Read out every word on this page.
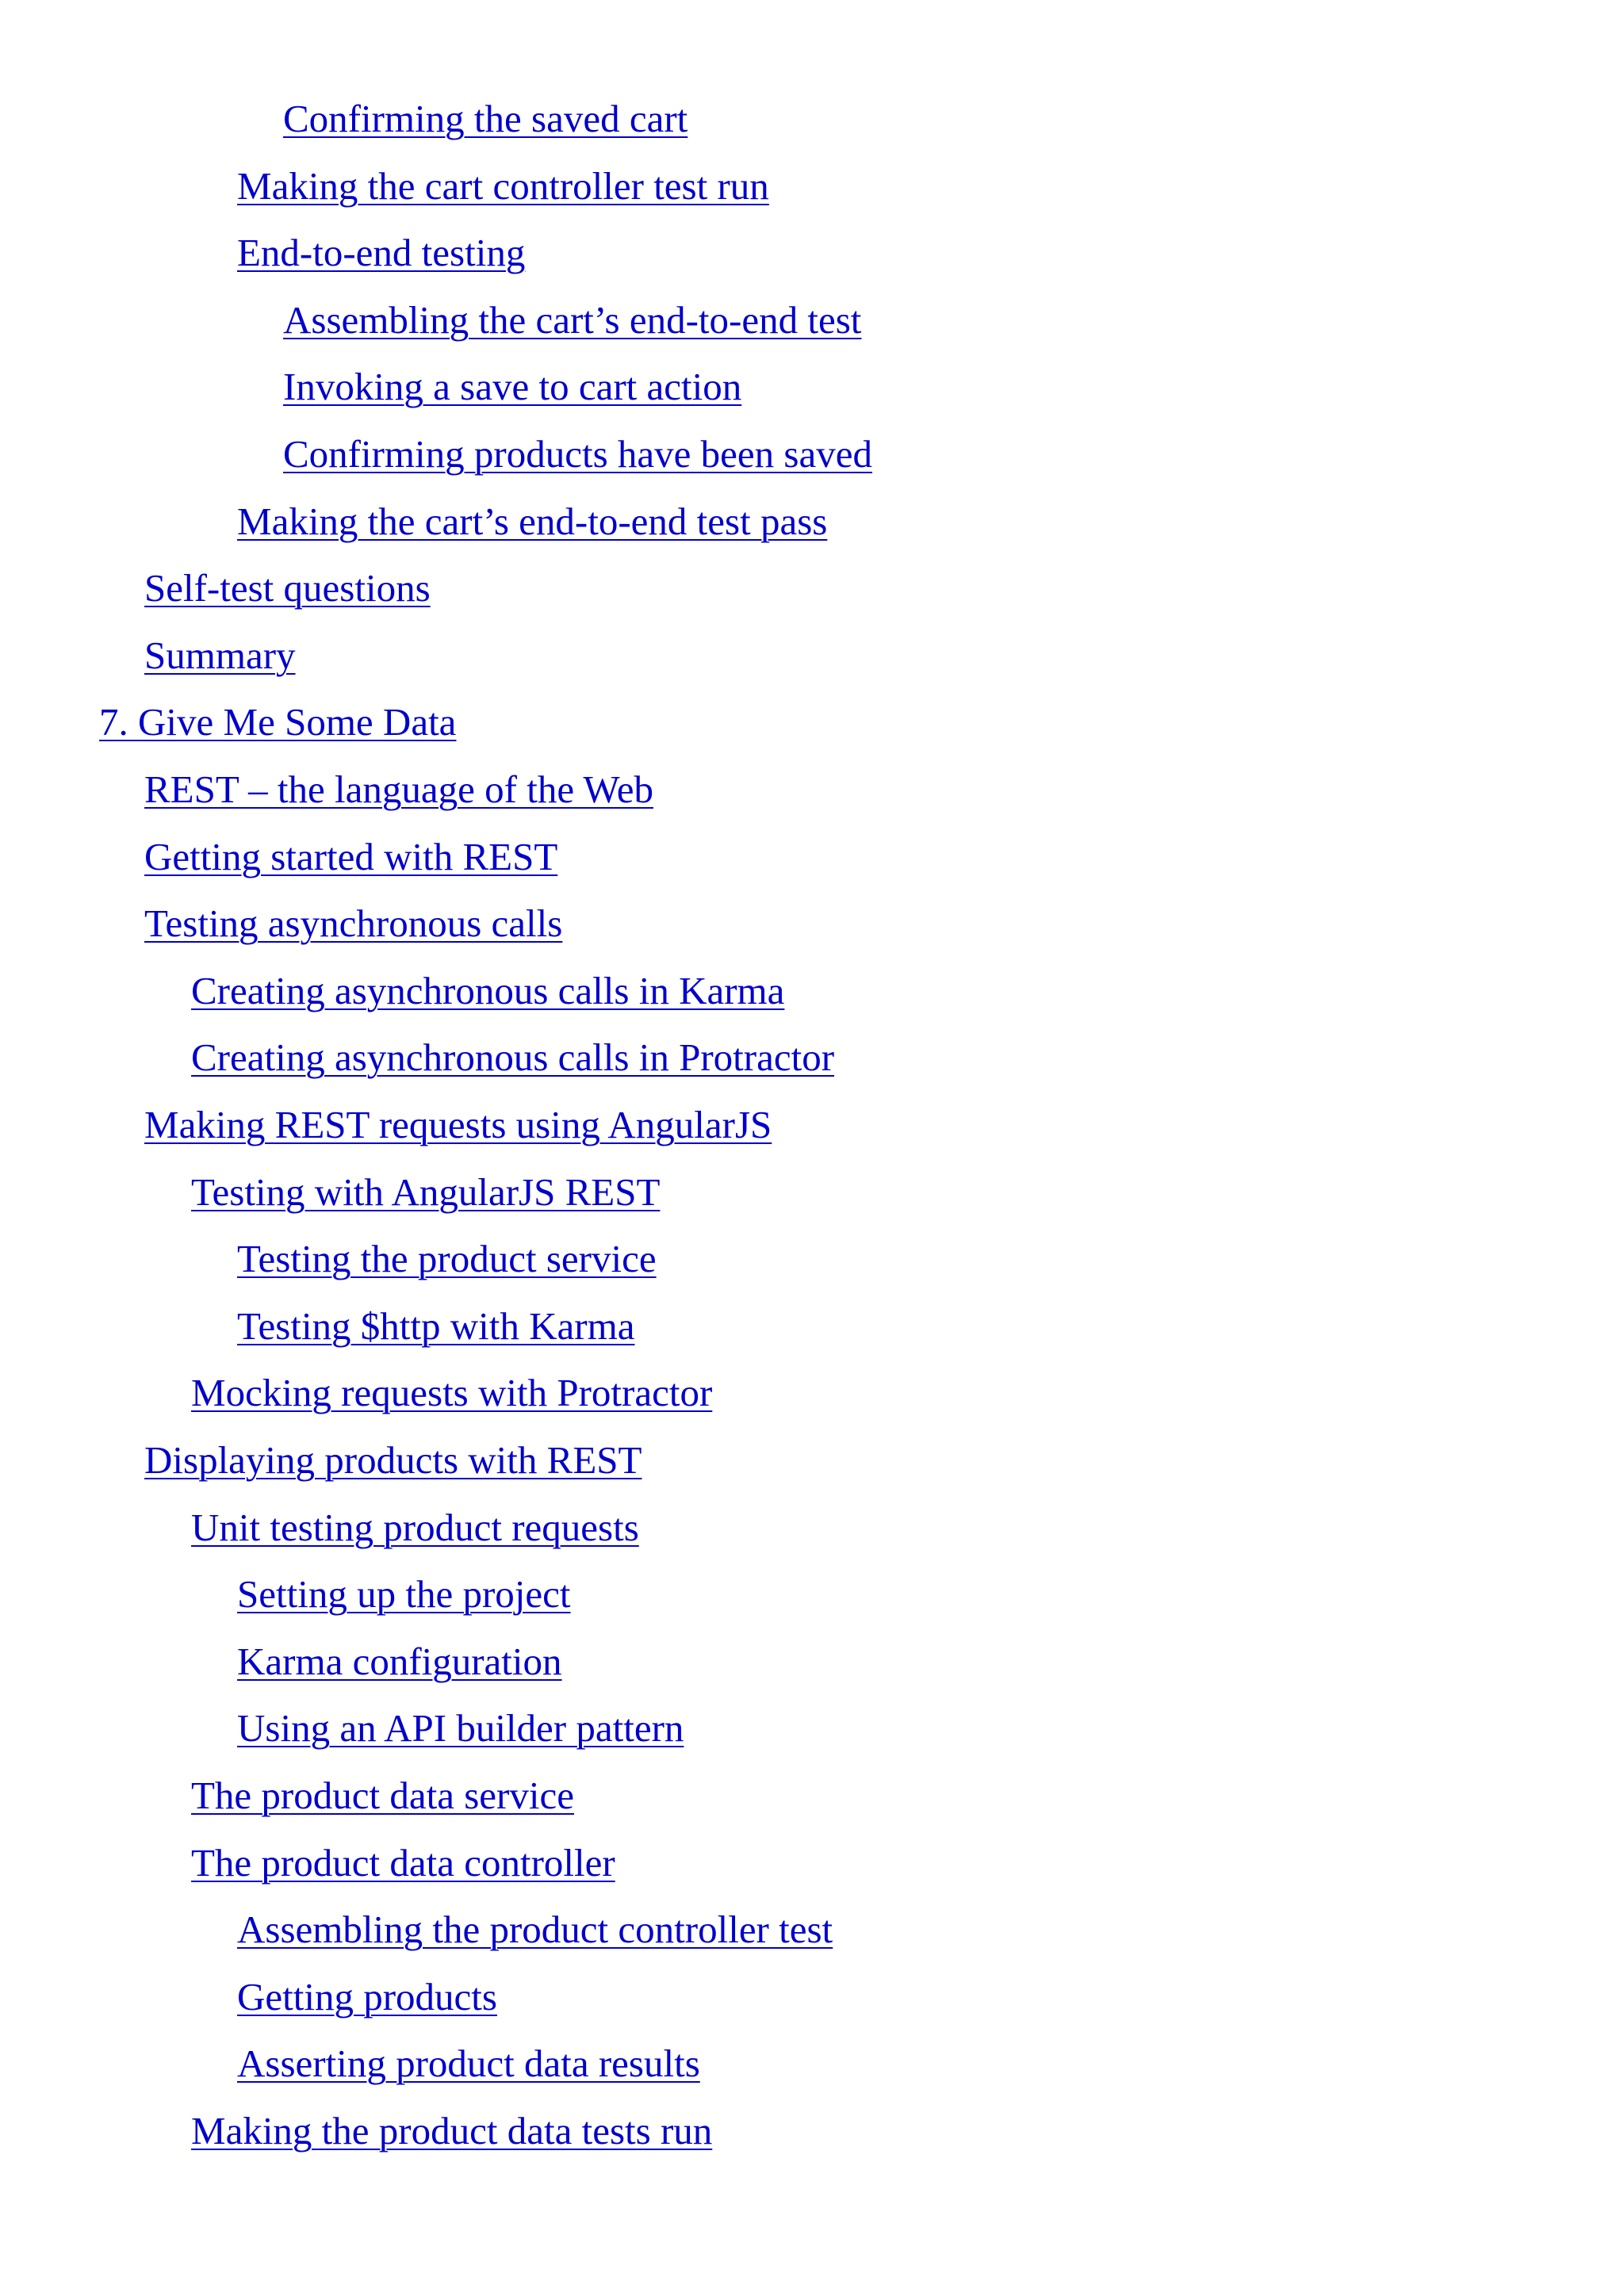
Confirming the saved cart
Making the cart controller test run
End-to-end testing
Assembling the cart’s end-to-end test
Invoking a save to cart action
Confirming products have been saved
Making the cart’s end-to-end test pass
Self-test questions
Summary
7. Give Me Some Data
REST – the language of the Web
Getting started with REST
Testing asynchronous calls
Creating asynchronous calls in Karma
Creating asynchronous calls in Protractor
Making REST requests using AngularJS
Testing with AngularJS REST
Testing the product service
Testing $http with Karma
Mocking requests with Protractor
Displaying products with REST
Unit testing product requests
Setting up the project
Karma configuration
Using an API builder pattern
The product data service
The product data controller
Assembling the product controller test
Getting products
Asserting product data results
Making the product data tests run
